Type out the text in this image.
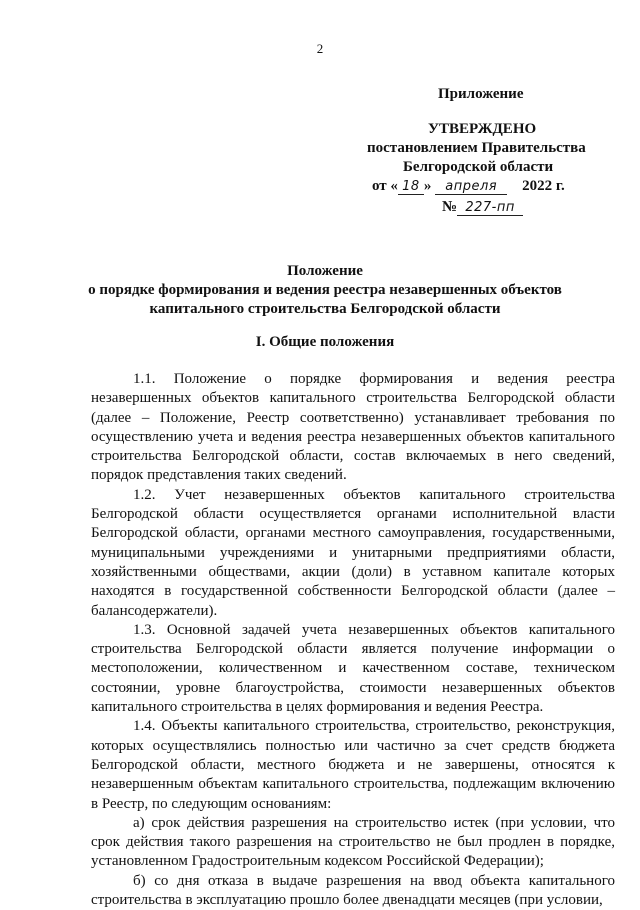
2
Приложение
УТВЕРЖДЕНО
постановлением Правительства
Белгородской области
от « 18 » апреля 2022 г.
№ 227-пп
Положение
о порядке формирования и ведения реестра незавершенных объектов
капитального строительства Белгородской области
I. Общие положения

1.1. Положение о порядке формирования и ведения реестра незавершенных объектов капитального строительства Белгородской области (далее – Положение, Реестр соответственно) устанавливает требования по осуществлению учета и ведения реестра незавершенных объектов капитального строительства Белгородской области, состав включаемых в него сведений, порядок представления таких сведений.

1.2. Учет незавершенных объектов капитального строительства Белгородской области осуществляется органами исполнительной власти Белгородской области, органами местного самоуправления, государственными, муниципальными учреждениями и унитарными предприятиями области, хозяйственными обществами, акции (доли) в уставном капитале которых находятся в государственной собственности Белгородской области (далее – балансодержатели).

1.3. Основной задачей учета незавершенных объектов капитального строительства Белгородской области является получение информации о местоположении, количественном и качественном составе, техническом состоянии, уровне благоустройства, стоимости незавершенных объектов капитального строительства в целях формирования и ведения Реестра.

1.4. Объекты капитального строительства, строительство, реконструкция, которых осуществлялись полностью или частично за счет средств бюджета Белгородской области, местного бюджета и не завершены, относятся к незавершенным объектам капитального строительства, подлежащим включению в Реестр, по следующим основаниям:

а) срок действия разрешения на строительство истек (при условии, что срок действия такого разрешения на строительство не был продлен в порядке, установленном Градостроительным кодексом Российской Федерации);

б) со дня отказа в выдаче разрешения на ввод объекта капитального строительства в эксплуатацию прошло более двенадцати месяцев (при условии,
